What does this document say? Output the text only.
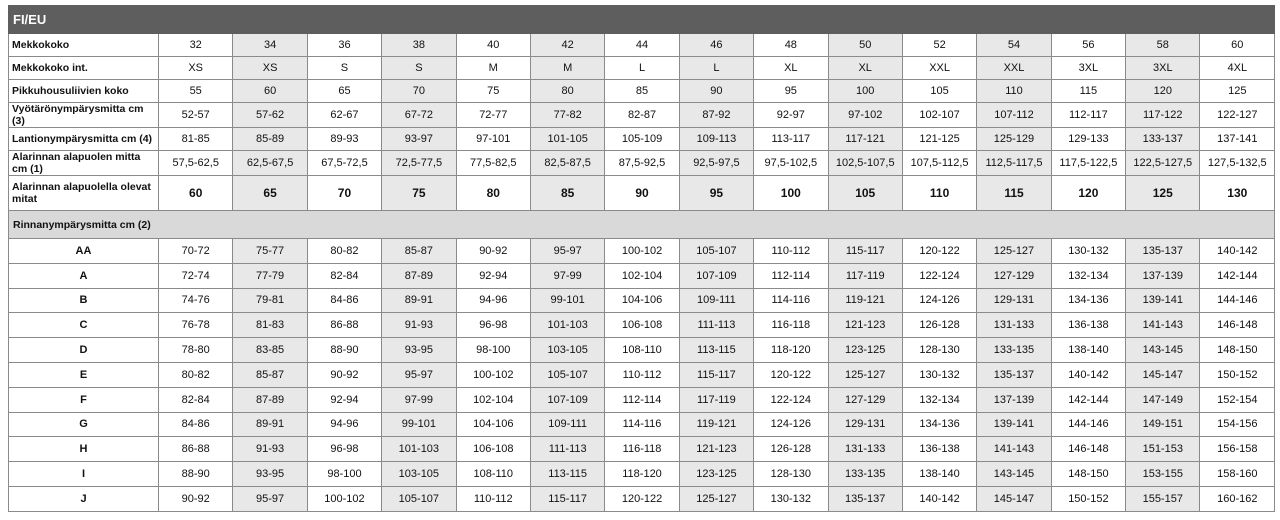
FI/EU															
Mekkokoko	32	34	36	38	40	42	44	46	48	50	52	54	56	58	60
Mekkokoko int.	XS	XS	S	S	M	M	L	L	XL	XL	XXL	XXL	3XL	3XL	4XL
Pikkuhousuliivien koko	55	60	65	70	75	80	85	90	95	100	105	110	115	120	125
Vyötärönympärysmitta cm (3)	52-57	57-62	62-67	67-72	72-77	77-82	82-87	87-92	92-97	97-102	102-107	107-112	112-117	117-122	122-127
Lantionympärysmitta cm (4)	81-85	85-89	89-93	93-97	97-101	101-105	105-109	109-113	113-117	117-121	121-125	125-129	129-133	133-137	137-141
Alarinnan alapuolen mitta cm (1)	57,5-62,5	62,5-67,5	67,5-72,5	72,5-77,5	77,5-82,5	82,5-87,5	87,5-92,5	92,5-97,5	97,5-102,5	102,5-107,5	107,5-112,5	112,5-117,5	117,5-122,5	122,5-127,5	127,5-132,5
Alarinnan alapuolella olevat mitat	60	65	70	75	80	85	90	95	100	105	110	115	120	125	130
Rinnanympärysmitta cm (2)															
AA	70-72	75-77	80-82	85-87	90-92	95-97	100-102	105-107	110-112	115-117	120-122	125-127	130-132	135-137	140-142
A	72-74	77-79	82-84	87-89	92-94	97-99	102-104	107-109	112-114	117-119	122-124	127-129	132-134	137-139	142-144
B	74-76	79-81	84-86	89-91	94-96	99-101	104-106	109-111	114-116	119-121	124-126	129-131	134-136	139-141	144-146
C	76-78	81-83	86-88	91-93	96-98	101-103	106-108	111-113	116-118	121-123	126-128	131-133	136-138	141-143	146-148
D	78-80	83-85	88-90	93-95	98-100	103-105	108-110	113-115	118-120	123-125	128-130	133-135	138-140	143-145	148-150
E	80-82	85-87	90-92	95-97	100-102	105-107	110-112	115-117	120-122	125-127	130-132	135-137	140-142	145-147	150-152
F	82-84	87-89	92-94	97-99	102-104	107-109	112-114	117-119	122-124	127-129	132-134	137-139	142-144	147-149	152-154
G	84-86	89-91	94-96	99-101	104-106	109-111	114-116	119-121	124-126	129-131	134-136	139-141	144-146	149-151	154-156
H	86-88	91-93	96-98	101-103	106-108	111-113	116-118	121-123	126-128	131-133	136-138	141-143	146-148	151-153	156-158
I	88-90	93-95	98-100	103-105	108-110	113-115	118-120	123-125	128-130	133-135	138-140	143-145	148-150	153-155	158-160
J	90-92	95-97	100-102	105-107	110-112	115-117	120-122	125-127	130-132	135-137	140-142	145-147	150-152	155-157	160-162
